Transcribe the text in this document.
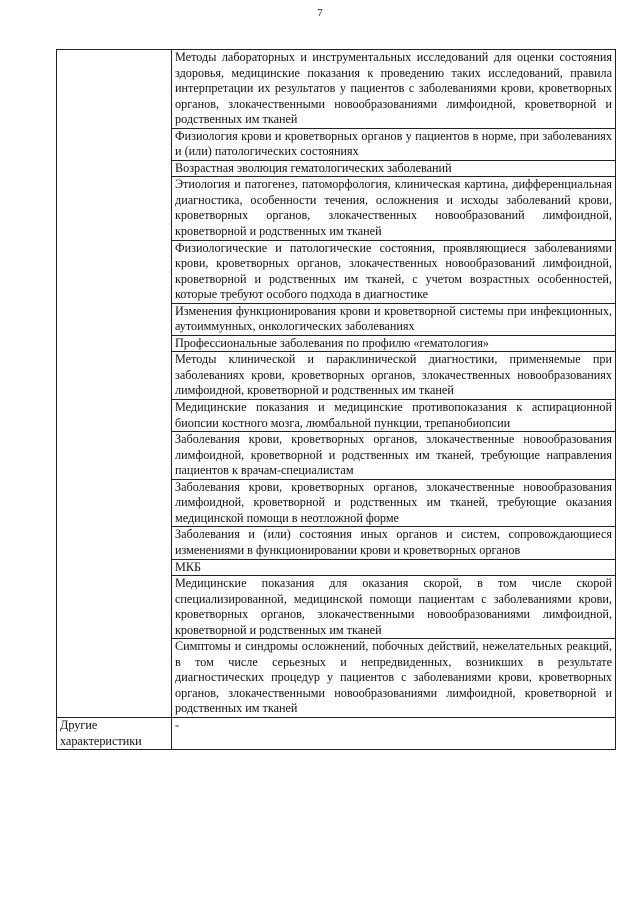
7
	Методы лабораторных и инструментальных исследований для оценки состояния здоровья, медицинские показания к проведению таких исследований, правила интерпретации их результатов у пациентов с заболеваниями крови, кроветворных органов, злокачественными новообразованиями лимфоидной, кроветворной и родственных им тканей
	Физиология крови и кроветворных органов у пациентов в норме, при заболеваниях и (или) патологических состояниях
	Возрастная эволюция гематологических заболеваний
	Этиология и патогенез, патоморфология, клиническая картина, дифференциальная диагностика, особенности течения, осложнения и исходы заболеваний крови, кроветворных органов, злокачественных новообразований лимфоидной, кроветворной и родственных им тканей
	Физиологические и патологические состояния, проявляющиеся заболеваниями крови, кроветворных органов, злокачественных новообразований лимфоидной, кроветворной и родственных им тканей, с учетом возрастных особенностей, которые требуют особого подхода в диагностике
	Изменения функционирования крови и кроветворной системы при инфекционных, аутоиммунных, онкологических заболеваниях
	Профессиональные заболевания по профилю «гематология»
	Методы клинической и параклинической диагностики, применяемые при заболеваниях крови, кроветворных органов, злокачественных новообразованиях лимфоидной, кроветворной и родственных им тканей
	Медицинские показания и медицинские противопоказания к аспирационной биопсии костного мозга, люмбальной пункции, трепанобиопсии
	Заболевания крови, кроветворных органов, злокачественные новообразования лимфоидной, кроветворной и родственных им тканей, требующие направления пациентов к врачам-специалистам
	Заболевания крови, кроветворных органов, злокачественные новообразования лимфоидной, кроветворной и родственных им тканей, требующие оказания медицинской помощи в неотложной форме
	Заболевания и (или) состояния иных органов и систем, сопровождающиеся изменениями в функционировании крови и кроветворных органов
	МКБ
	Медицинские показания для оказания скорой, в том числе скорой специализированной, медицинской помощи пациентам с заболеваниями крови, кроветворных органов, злокачественными новообразованиями лимфоидной, кроветворной и родственных им тканей
	Симптомы и синдромы осложнений, побочных действий, нежелательных реакций, в том числе серьезных и непредвиденных, возникших в результате диагностических процедур у пациентов с заболеваниями крови, кроветворных органов, злокачественными новообразованиями лимфоидной, кроветворной и родственных им тканей
Другие характеристики	-
